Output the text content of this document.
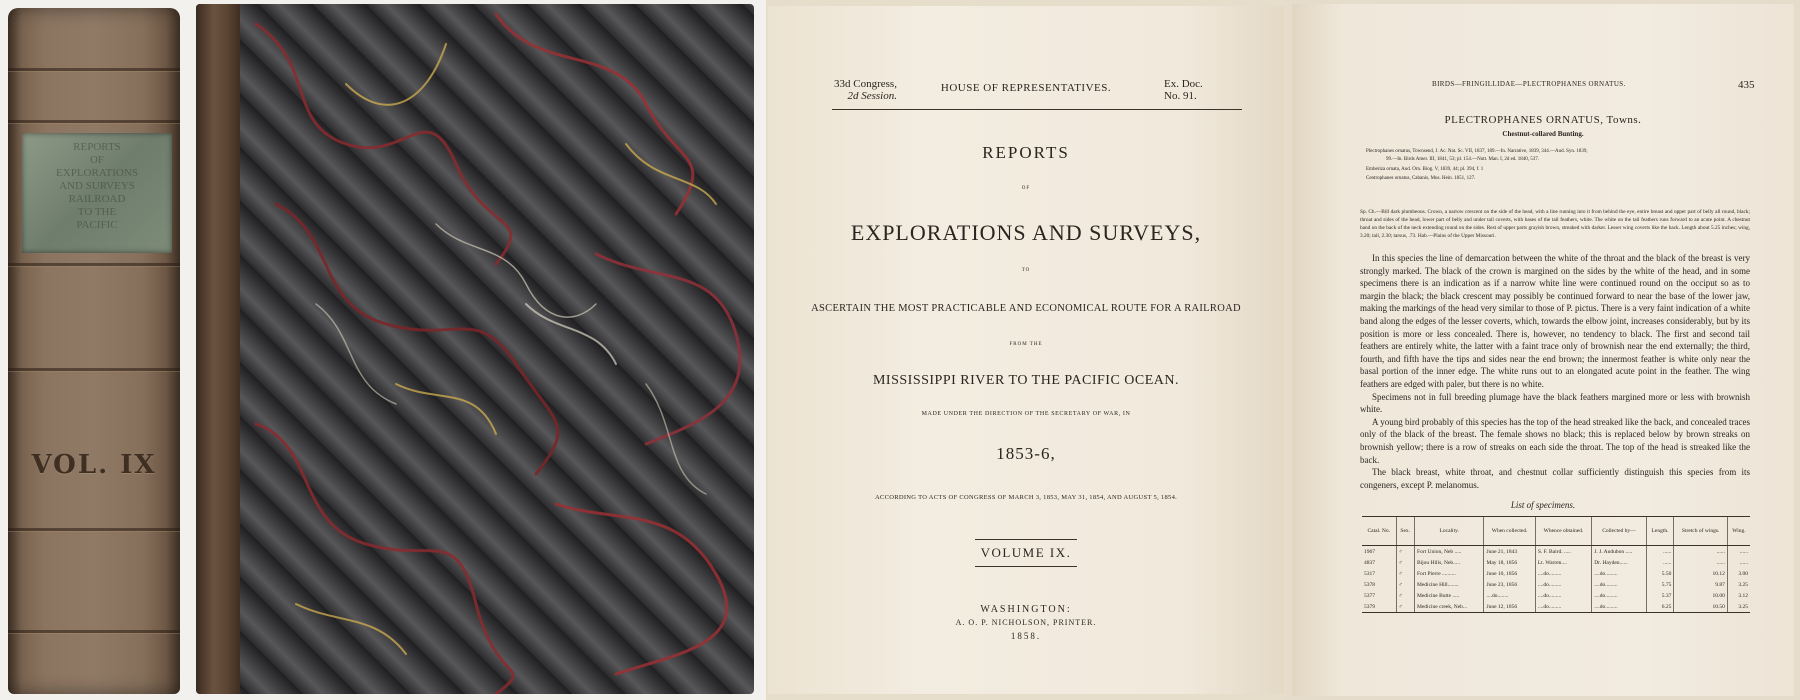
REPORTS
OF
EXPLORATIONS
AND SURVEYS
RAILROAD
TO THE
PACIFIC
VOL. IX
33d Congress,
2d Session.
HOUSE OF REPRESENTATIVES.	Ex. Doc.
No. 91.
REPORTS
OF
EXPLORATIONS AND SURVEYS,
TO
ASCERTAIN THE MOST PRACTICABLE AND ECONOMICAL ROUTE FOR A RAILROAD
FROM THE
MISSISSIPPI RIVER TO THE PACIFIC OCEAN.
MADE UNDER THE DIRECTION OF THE SECRETARY OF WAR, IN
1853-6,
ACCORDING TO ACTS OF CONGRESS OF MARCH 3, 1853, MAY 31, 1854, AND AUGUST 5, 1854.
VOLUME IX.
WASHINGTON:
A. O. P. NICHOLSON, PRINTER.
1858.
BIRDS—FRINGILLIDAE—PLECTROPHANES ORNATUS.	435
PLECTROPHANES ORNATUS, Towns.
Chestnut-collared Bunting.
Plectrophanes ornatus, Townsend, J. Ac. Nat. Sc. VII, 1837, 189.—In. Narrative, 1839, 344.—Aud. Syn. 1839,
99.—In. Birds Amer. III, 1841, 53; pl. 154.—Nutt. Man. I, 2d ed. 1840, 537.
Emberiza ornata, Aud. Orn. Biog. V, 1839, 44; pl. 394, f. 1
Centrophanes ornatus, Cabanis, Mus. Hein. 1851, 127.
Sp. Ch.—Bill dark plumbeous. Crown, a narrow crescent on the side of the head, with a line running into it from behind the eye, entire breast and upper part of belly all round, black; throat and sides of the head, lower part of belly and under tail coverts, with bases of the tail feathers, white. The white on the tail feathers runs forward to an acute point. A chestnut band on the back of the neck extending round on the sides. Rest of upper parts grayish brown, streaked with darker. Lesser wing coverts like the back. Length about 5.25 inches; wing, 3.20; tail, 2.30; tarsus, .73. Hab.—Plains of the Upper Missouri.

In this species the line of demarcation between the white of the throat and the black of the breast is very strongly marked. The black of the crown is margined on the sides by the white of the head, and in some specimens there is an indication as if a narrow white line were continued round on the occiput so as to margin the black; the black crescent may possibly be continued forward to near the base of the lower jaw, making the markings of the head very similar to those of P. pictus. There is a very faint indication of a white band along the edges of the lesser coverts, which, towards the elbow joint, increases considerably, but by its position is more or less concealed. There is, however, no tendency to black. The first and second tail feathers are entirely white, the latter with a faint trace only of brownish near the end externally; the third, fourth, and fifth have the tips and sides near the end brown; the innermost feather is white only near the basal portion of the inner edge. The white runs out to an elongated acute point in the feather. The wing feathers are edged with paler, but there is no white.

Specimens not in full breeding plumage have the black feathers margined more or less with brownish white.

A young bird probably of this species has the top of the head streaked like the back, and concealed traces only of the black of the breast. The female shows no black; this is replaced below by brown streaks on brownish yellow; there is a row of streaks on each side the throat. The top of the head is streaked like the back.

The black breast, white throat, and chestnut collar sufficiently distinguish this species from its congeners, except P. melanomus.

List of specimens.
Catal. No.	Sex.	Locality.	When collected.	Whence obtained.	Collected by—	Length.	Stretch of wings.	Wing.
1967	♂	Fort Union, Neb .....	June 21, 1843	S. F. Baird. .....	J. J. Audubon .....	......	......	......
4837	♂	Bijou Hills, Neb.....	May 18, 1856	Lt. Warren....	Dr. Hayden......	......	......	......
5317	♂	Fort Pierre ..........	June 10, 1856	....do.........	....do.........	5.50	10.12	3.00
5378	♂	Medicine Hill........	June 23, 1856	....do.........	....do.........	5.75	9.87	3.25
5377	♂	Medicine Butte .....	....do........	....do.........	....do.........	5.37	10.00	3.12
5379	♂	Medicine creek, Neb...	June 12, 1856	....do.........	....do.........	6.25	10.50	3.25
